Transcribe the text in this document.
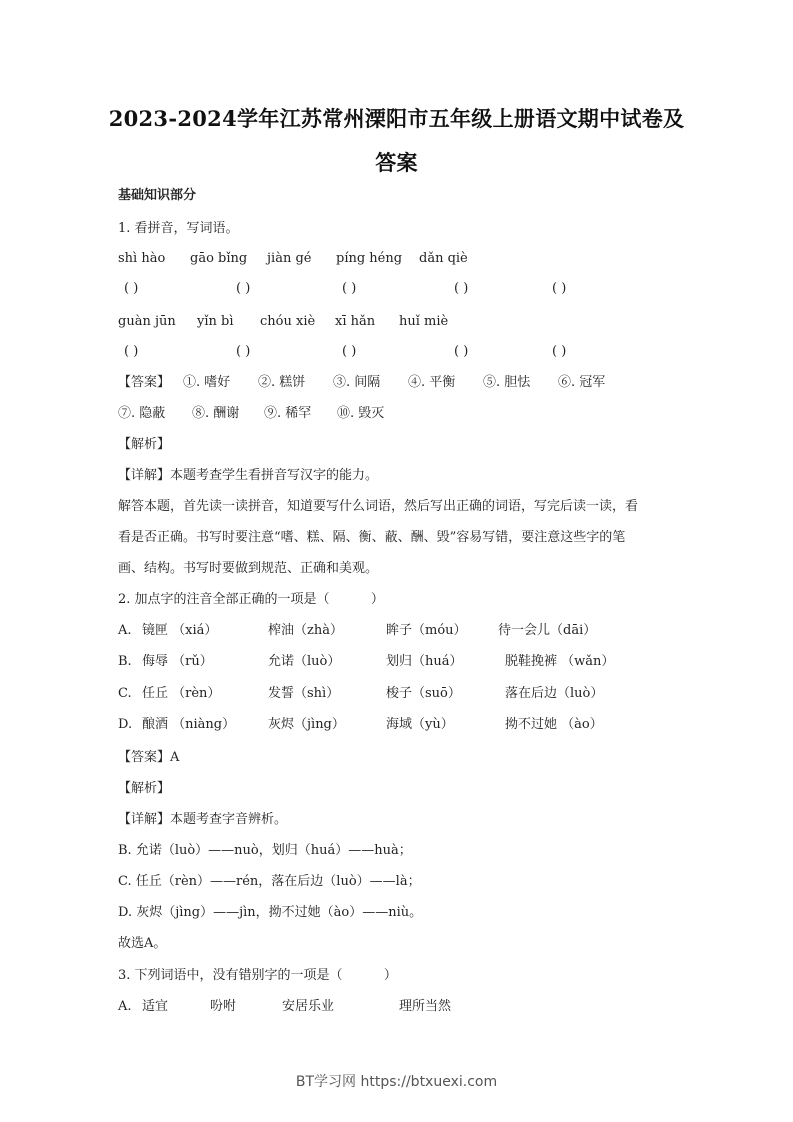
2023-2024学年江苏常州溧阳市五年级上册语文期中试卷及
答案
基础知识部分
1. 看拼音，写词语。
shì hào gāo bǐng jiàn gé píng héng dǎn qiè
( )	( )	( )	( )	( )
guàn jūn yǐn bì chóu xiè xī hǎn huǐ miè
( )	( )	( )	( )	( )
【答案】 ①. 嗜好 ②. 糕饼 ③. 间隔 ④. 平衡 ⑤. 胆怯 ⑥. 冠军
⑦. 隐蔽 ⑧. 酬谢 ⑨. 稀罕 ⑩. 毁灭
【解析】
【详解】本题考查学生看拼音写汉字的能力。
解答本题，首先读一读拼音，知道要写什么词语，然后写出正确的词语，写完后读一读，看
看是否正确。书写时要注意“嗜、糕、隔、衡、蔽、酬、毁”容易写错，要注意这些字的笔
画、结构。书写时要做到规范、正确和美观。
2. 加点字的注音全部正确的一项是（          ）
A. 镜匣 （xiá）	榨油（zhà）	眸子（móu） 待一会儿（dāi）
B. 侮辱 （rǔ）	允诺（luò）	划归（huá）	脱鞋挽裤 （wǎn）
C. 任丘 （rèn）	发誓（shì）	梭子（suō）	落在后边（luò）
D. 酿酒 （niàng）	灰烬（jìng）	海域（yù）	拗不过她 （ào）
【答案】A
【解析】
【详解】本题考查字音辨析。
B. 允诺（luò）——nuò，划归（huá）——huà；
C. 任丘（rèn）——rén，落在后边（luò）——là；
D. 灰烬（jìng）——jìn，拗不过她（ào）——niù。
故选A。
3. 下列词语中，没有错别字的一项是（          ）
A. 适宜	吩咐	安居乐业	理所当然
BT学习网 https://btxuexi.com
